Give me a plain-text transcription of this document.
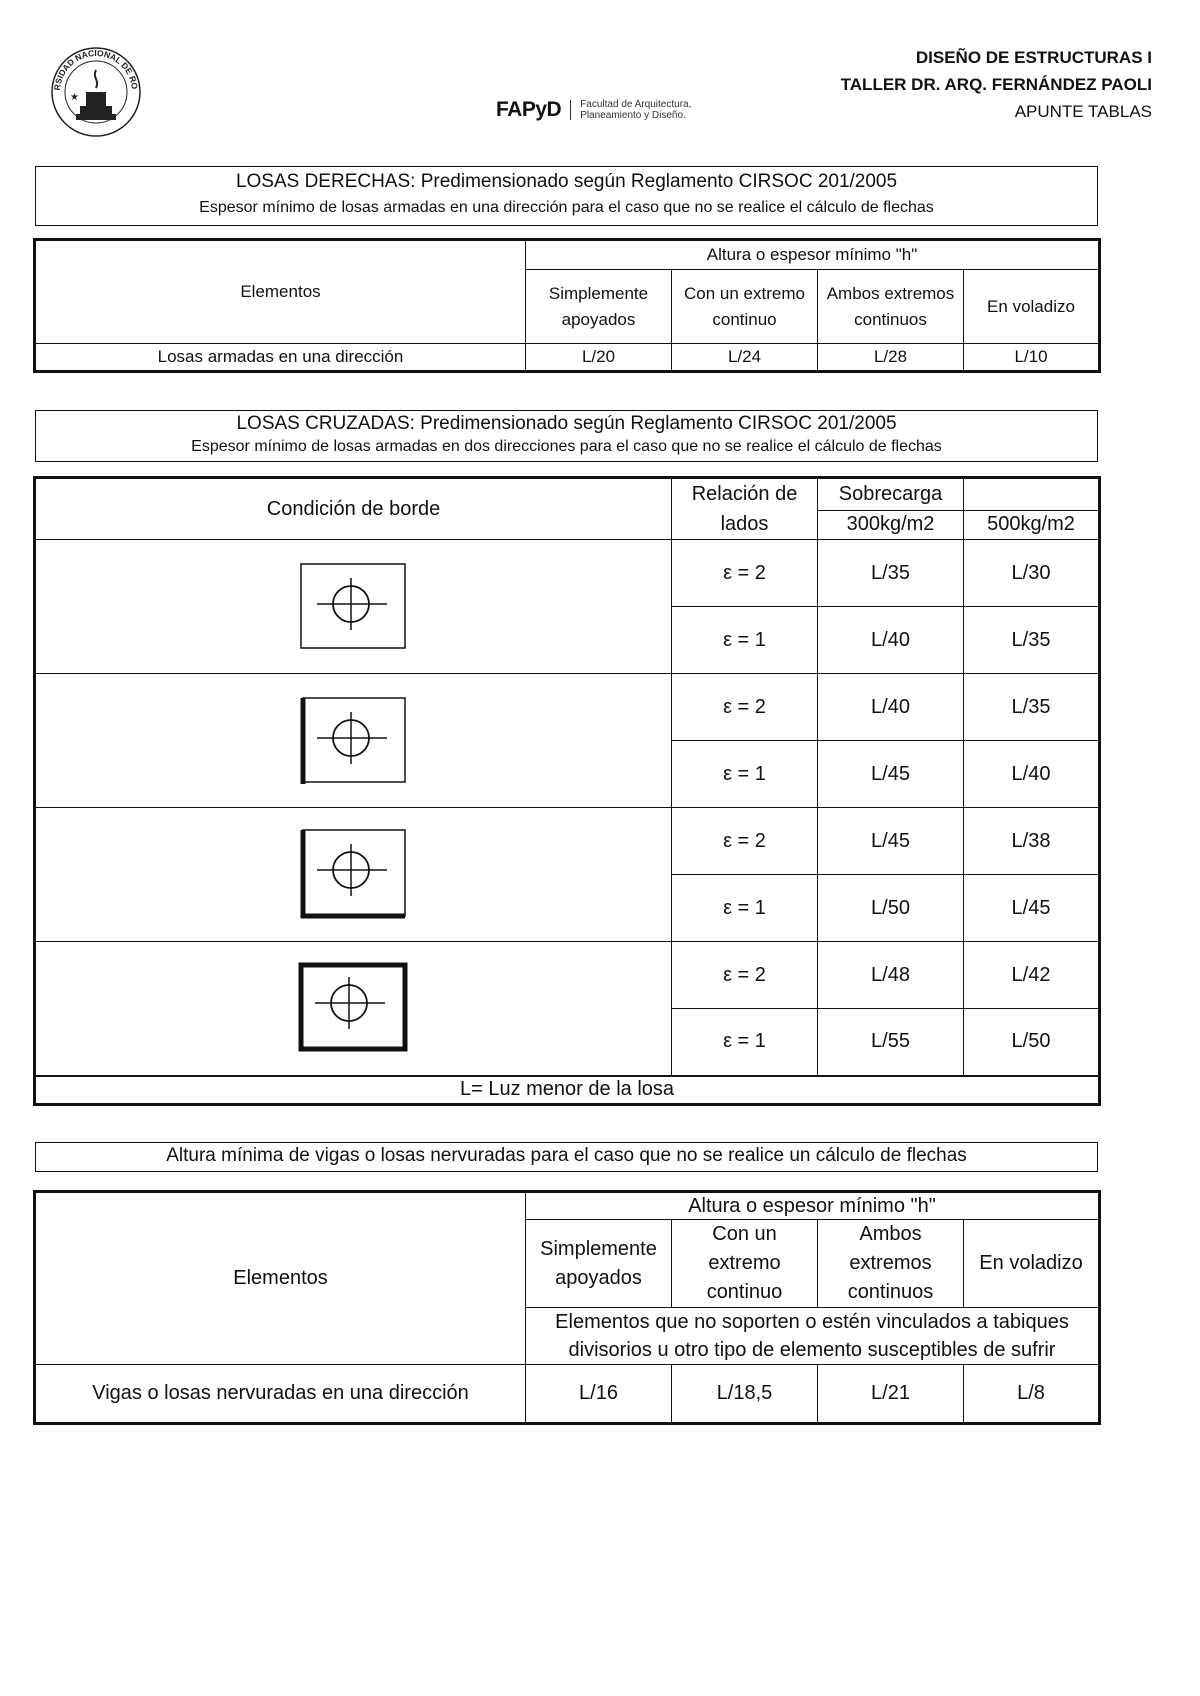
RSIDAD NACIONAL DE RO
★
FAPyD Facultad de Arquitectura,
Planeamiento y Diseño.
DISEÑO DE ESTRUCTURAS I
TALLER DR. ARQ. FERNÁNDEZ PAOLI
APUNTE TABLAS
LOSAS DERECHAS: Predimensionado según Reglamento CIRSOC 201/2005
Espesor mínimo de losas armadas en una dirección para el caso que no se realice el cálculo de flechas
Elementos	Altura o espesor mínimo "h"			
	Simplemente apoyados	Con un extremo continuo	Ambos extremos continuos	En voladizo
Losas armadas en una dirección	L/20	L/24	L/28	L/10
LOSAS CRUZADAS: Predimensionado según Reglamento CIRSOC 201/2005
Espesor mínimo de losas armadas en dos direcciones para el caso que no se realice el cálculo de flechas
Condición de borde	Relación de lados	Sobrecarga	
		300kg/m2	500kg/m2

	ε = 2	L/35	L/30
	ε = 1	L/40	L/35

	ε = 2	L/40	L/35
	ε = 1	L/45	L/40

	ε = 2	L/45	L/38
	ε = 1	L/50	L/45

	ε = 2	L/48	L/42
	ε = 1	L/55	L/50
L= Luz menor de la losa			
Altura mínima de vigas o losas nervuradas para el caso que no se realice un cálculo de flechas
Elementos	Altura o espesor mínimo "h"			
	Simplemente apoyados	Con un extremo continuo	Ambos extremos continuos	En voladizo
	Elementos que no soporten o estén vinculados a tabiques divisorios u otro tipo de elemento susceptibles de sufrir			
Vigas o losas nervuradas en una dirección	L/16	L/18,5	L/21	L/8
